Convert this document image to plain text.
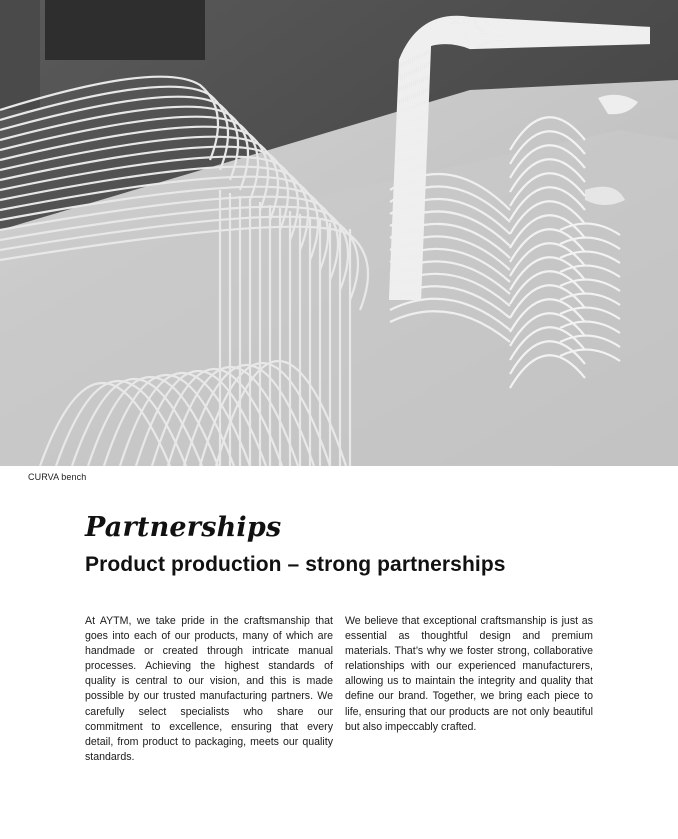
CURVA bench
Partnerships
Product production – strong partnerships

At AYTM, we take pride in the craftsmanship that goes into each of our products, many of which are handmade or created through intricate manual processes. Achieving the highest standards of quality is central to our vision, and this is made possible by our trusted manufacturing partners. We carefully select specialists who share our commitment to excellence, ensuring that every detail, from product to packaging, meets our quality standards.

We believe that exceptional craftsmanship is just as essential as thoughtful design and premium materials. That’s why we foster strong, collaborative relationships with our experienced manufacturers, allowing us to maintain the integrity and quality that define our brand. Together, we bring each piece to life, ensuring that our products are not only beautiful but also impeccably crafted.
